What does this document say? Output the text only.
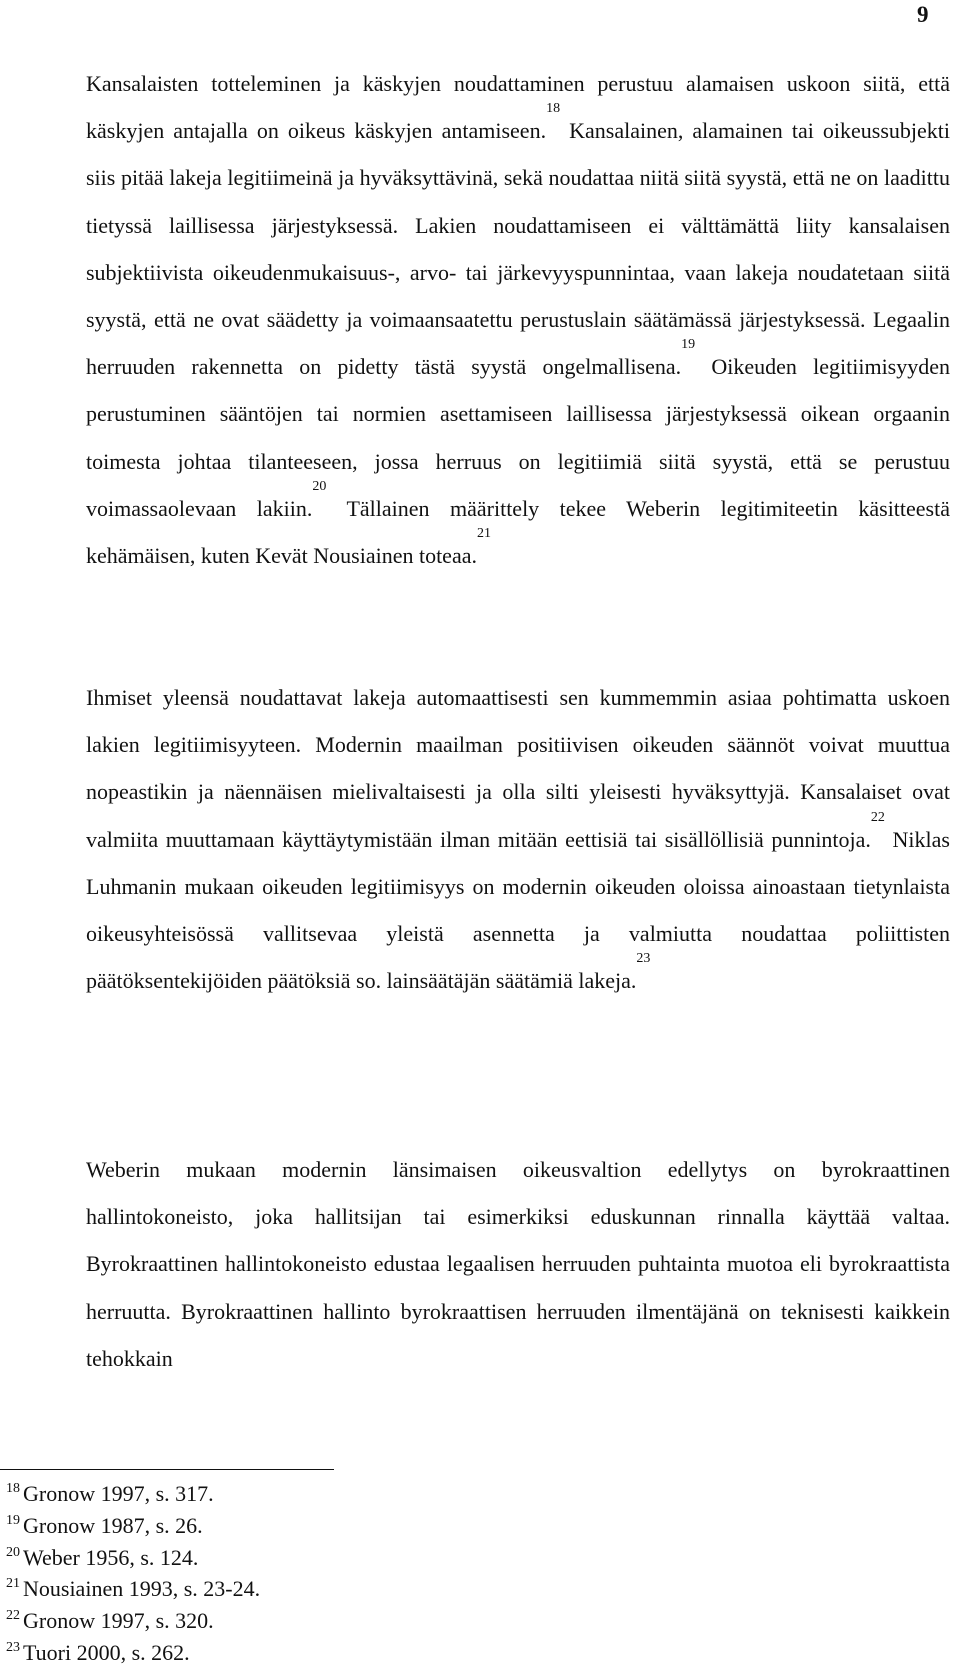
9

Kansalaisten totteleminen ja käskyjen noudattaminen perustuu alamaisen uskoon siitä, että käskyjen antajalla on oikeus käskyjen antamiseen.$^{18}$ Kansalainen, alamainen tai oikeussubjekti siis pitää lakeja legitiimeinä ja hyväksyttävinä, sekä noudattaa niitä siitä syystä, että ne on laadittu tietyssä laillisessa järjestyksessä. Lakien noudattamiseen ei välttämättä liity kansalaisen subjektiivista oikeudenmukaisuus-, arvo- tai järkevyyspunnintaa, vaan lakeja noudatetaan siitä syystä, että ne ovat säädetty ja voimaansaatettu perustuslain säätämässä järjestyksessä. Legaalin herruuden rakennetta on pidetty tästä syystä ongelmallisena.$^{19}$ Oikeuden legitiimisyyden perustuminen sääntöjen tai normien asettamiseen laillisessa järjestyksessä oikean orgaanin toimesta johtaa tilanteeseen, jossa herruus on legitiimiä siitä syystä, että se perustuu voimassaolevaan lakiin.$^{20}$ Tällainen määrittely tekee Weberin legitimiteetin käsitteestä kehämäisen, kuten Kevät Nousiainen toteaa.$^{21}$

Ihmiset yleensä noudattavat lakeja automaattisesti sen kummemmin asiaa pohtimatta uskoen lakien legitiimisyyteen. Modernin maailman positiivisen oikeuden säännöt voivat muuttua nopeastikin ja näennäisen mielivaltaisesti ja olla silti yleisesti hyväksyttyjä. Kansalaiset ovat valmiita muuttamaan käyttäytymistään ilman mitään eettisiä tai sisällöllisiä punnintoja.$^{22}$ Niklas Luhmanin mukaan oikeuden legitiimisyys on modernin oikeuden oloissa ainoastaan tietynlaista oikeusyhteisössä vallitsevaa yleistä asennetta ja valmiutta noudattaa poliittisten päätöksentekijöiden päätöksiä so. lainsäätäjän säätämiä lakeja.$^{23}$

Weberin mukaan modernin länsimaisen oikeusvaltion edellytys on byrokraattinen hallintokoneisto, joka hallitsijan tai esimerkiksi eduskunnan rinnalla käyttää valtaa. Byrokraattinen hallintokoneisto edustaa legaalisen herruuden puhtainta muotoa eli byrokraattista herruutta. Byrokraattinen hallinto byrokraattisen herruuden ilmentäjänä on teknisesti kaikkein tehokkain

$^{18}$ Gronow 1997, s. 317.
$^{19}$ Gronow 1987, s. 26.
$^{20}$ Weber 1956, s. 124.
$^{21}$ Nousiainen 1993, s. 23-24.
$^{22}$ Gronow 1997, s. 320.
$^{23}$ Tuori 2000, s. 262.
